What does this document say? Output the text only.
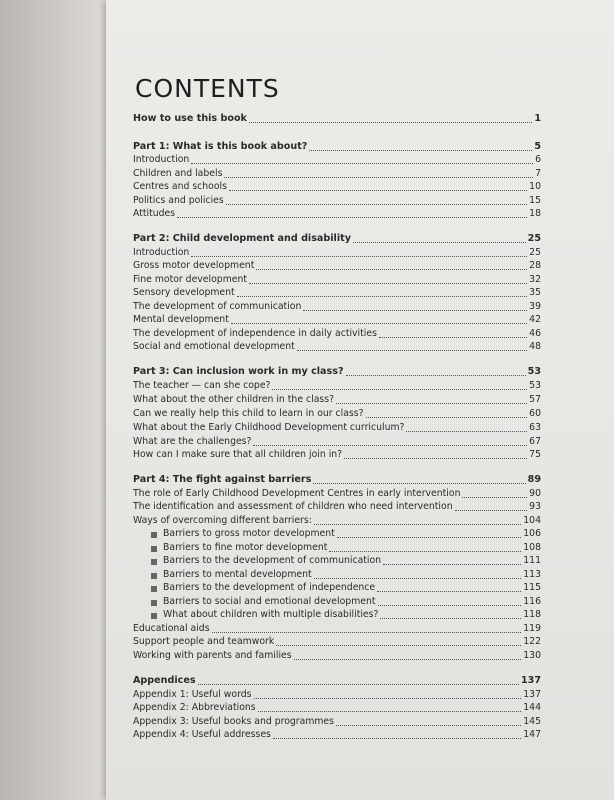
CONTENTS
How to use this book	1
Part 1: What is this book about?	5
Introduction	6
Children and labels	7
Centres and schools	10
Politics and policies	15
Attitudes	18
Part 2: Child development and disability	25
Introduction	25
Gross motor development	28
Fine motor development	32
Sensory development	35
The development of communication	39
Mental development	42
The development of independence in daily activities	46
Social and emotional development	48
Part 3: Can inclusion work in my class?	53
The teacher — can she cope?	53
What about the other children in the class?	57
Can we really help this child to learn in our class?	60
What about the Early Childhood Development curriculum?	63
What are the challenges?	67
How can I make sure that all children join in?	75
Part 4: The fight against barriers	89
The role of Early Childhood Development Centres in early intervention	90
The identification and assessment of children who need intervention	93
Ways of overcoming different barriers:	104
Barriers to gross motor development	106
Barriers to fine motor development	108
Barriers to the development of communication	111
Barriers to mental development	113
Barriers to the development of independence	115
Barriers to social and emotional development	116
What about children with multiple disabilities?	118
Educational aids	119
Support people and teamwork	122
Working with parents and families	130
Appendices	137
Appendix 1: Useful words	137
Appendix 2: Abbreviations	144
Appendix 3: Useful books and programmes	145
Appendix 4: Useful addresses	147
